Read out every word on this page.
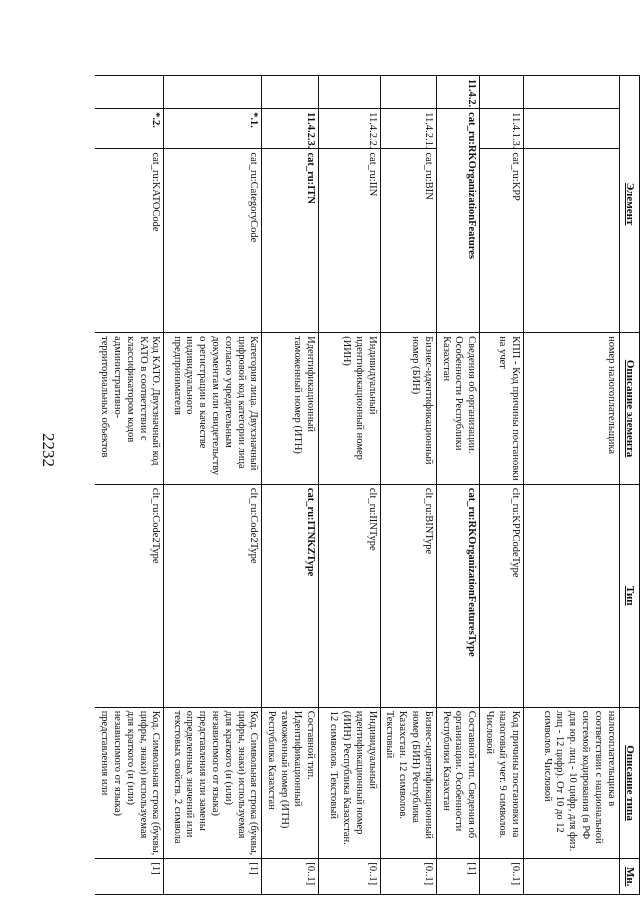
2232
Элемент			Описание элемента	Тип	Описание типа	Мн.
			номер налогоплательщика		налогоплательщика в соответствии с национальной системой кодирования (в РФ для юр. лиц - 10 цифр, для физ. лиц - 12 цифр). От 10 до 12 символов. Числовой	
	11.4.1.3.	cat_ru:KPP	КПП - Код причины постановки на учет	clt_ru:KPPCodeType	Код причины постановки на налоговый учет. 9 символов. Числовой	[0..1]
11.4.2.	cat_ru:RKOrganizationFeatures		Сведения об организации. Особенности Республики Казахстан	cat_ru:RKOrganizationFeaturesType	Составной тип. Сведения об организации. Особенности Республики Казахстан	[1]
	11.4.2.1.	cat_ru:BIN	Бизнес-идентификационный номер (БИН)	clt_ru:BINType	Бизнес-идентификационный номер (БИН) Республика Казахстан. 12 символов. Текстовый	[0..1]
	11.4.2.2.	cat_ru:IIN	Индивидуальный идентификационный номер (ИИН)	clt_ru:IINType	Индивидуальный идентификационный номер (ИИН) Республика Казахстан. 12 символов. Текстовый	[0..1]
	11.4.2.3.	cat_ru:ITN	Идентификационный таможенный номер (ИТН)	cat_ru:ITNKZType	Составной тип. Идентификационный таможенный номер (ИТН) Республика Казахстан	[0..1]
	*.1.	cat_ru:CategoryCode	Категория лица. Двухзначный цифровой код категории лица согласно учредительным документам или свидетельству о регистрации в качестве индивидуального предпринимателя	clt_ru:Code2Type	Код. Символьная строка (буквы, цифры, знаки) используемая для краткого (и (или) независимого от языка) представления или замены определенных значений или текстовых свойств. 2 символа	[1]
	*.2.	cat_ru:KATOCode	Код КАТО. Двухзначный код КАТО в соответствии с классификатором кодов административно-территориальных объектов	clt_ru:Code2Type	Код. Символьная строка (буквы, цифры, знаки) используемая для краткого (и (или) независимого от языка) представления или	[1]
